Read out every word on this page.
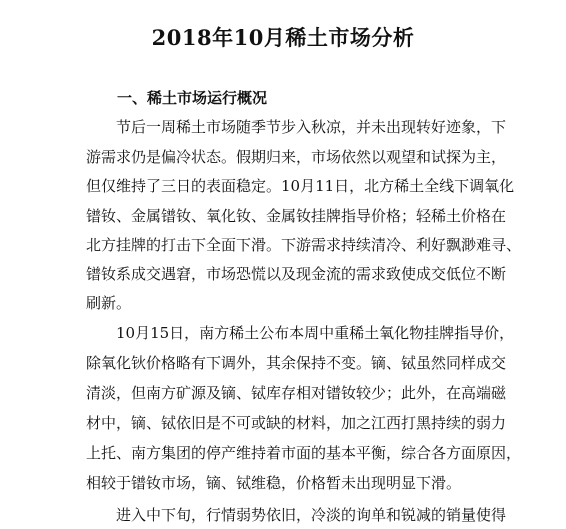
2018年10月稀土市场分析
一、稀土市场运行概况

节后一周稀土市场随季节步入秋凉，并未出现转好迹象，下

游需求仍是偏冷状态。假期归来，市场依然以观望和试探为主，

但仅维持了三日的表面稳定。10月11日，北方稀土全线下调氧化

镨钕、金属镨钕、氧化钕、金属钕挂牌指导价格；轻稀土价格在

北方挂牌的打击下全面下滑。下游需求持续清冷、利好飘渺难寻、

镨钕系成交遇窘，市场恐慌以及现金流的需求致使成交低位不断

刷新。

10月15日，南方稀土公布本周中重稀土氧化物挂牌指导价，

除氧化钬价格略有下调外，其余保持不变。镝、铽虽然同样成交

清淡，但南方矿源及镝、铽库存相对镨钕较少；此外，在高端磁

材中，镝、铽依旧是不可或缺的材料，加之江西打黑持续的弱力

上托、南方集团的停产维持着市面的基本平衡，综合各方面原因，

相较于镨钕市场，镝、铽维稳，价格暂未出现明显下滑。

进入中下旬，行情弱势依旧，冷淡的询单和锐减的销量使得
